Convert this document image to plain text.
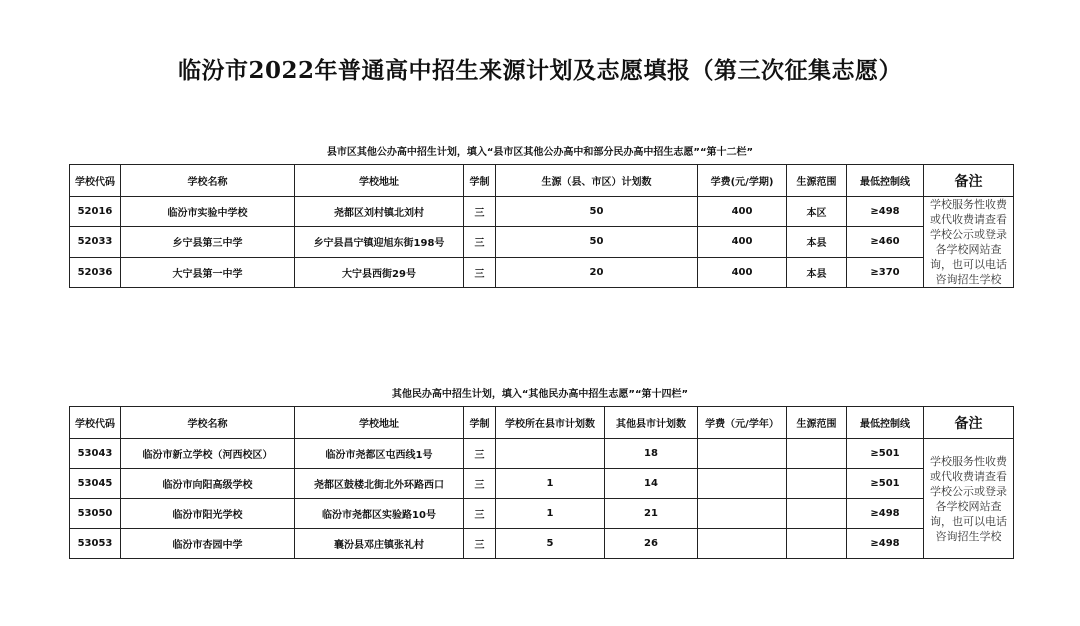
临汾市2022年普通高中招生来源计划及志愿填报（第三次征集志愿）
县市区其他公办高中招生计划，填入“县市区其他公办高中和部分民办高中招生志愿”“第十二栏”
学校代码	学校名称	学校地址	学制	生源（县、市区）计划数	学费(元/学期)	生源范围	最低控制线	备注
52016	临汾市实验中学校	尧都区刘村镇北刘村	三	50	400	本区	≥498	学校服务性收费或代收费请查看学校公示或登录各学校网站查询，也可以电话咨询招生学校
52033	乡宁县第三中学	乡宁县昌宁镇迎旭东街198号	三	50	400	本县	≥460	
52036	大宁县第一中学	大宁县西街29号	三	20	400	本县	≥370	
其他民办高中招生计划，填入“其他民办高中招生志愿”“第十四栏”
学校代码	学校名称	学校地址	学制	学校所在县市计划数	其他县市计划数	学费（元/学年）	生源范围	最低控制线	备注
53043	临汾市新立学校（河西校区）	临汾市尧都区屯西线1号	三		18			≥501	学校服务性收费或代收费请查看学校公示或登录各学校网站查询，也可以电话咨询招生学校
53045	临汾市向阳高级学校	尧都区鼓楼北街北外环路西口	三	1	14			≥501	
53050	临汾市阳光学校	临汾市尧都区实验路10号	三	1	21			≥498	
53053	临汾市杏园中学	襄汾县邓庄镇张礼村	三	5	26			≥498	
